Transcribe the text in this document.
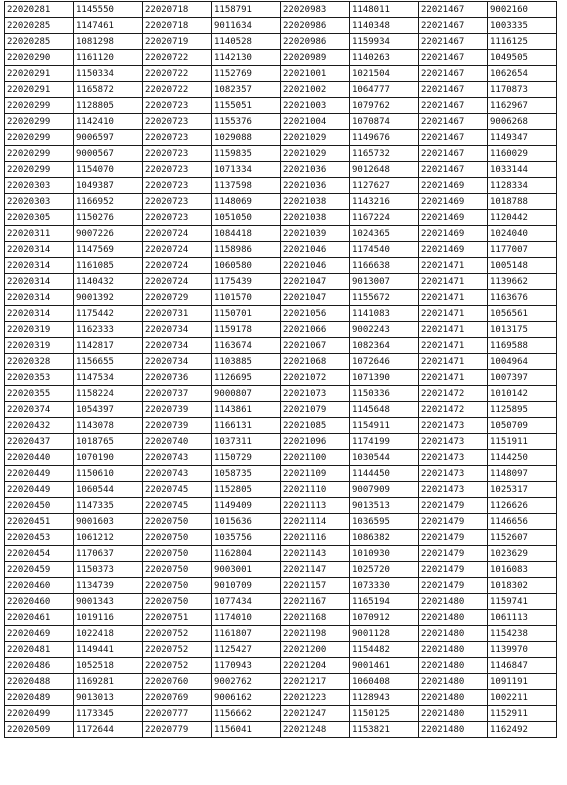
22020281	1145550	22020718	1158791	22020983	1148011	22021467	9002160
22020285	1147461	22020718	9011634	22020986	1140348	22021467	1003335
22020285	1081298	22020719	1140528	22020986	1159934	22021467	1116125
22020290	1161120	22020722	1142130	22020989	1140263	22021467	1049505
22020291	1150334	22020722	1152769	22021001	1021504	22021467	1062654
22020291	1165872	22020722	1082357	22021002	1064777	22021467	1170873
22020299	1128805	22020723	1155051	22021003	1079762	22021467	1162967
22020299	1142410	22020723	1155376	22021004	1070874	22021467	9006268
22020299	9006597	22020723	1029088	22021029	1149676	22021467	1149347
22020299	9000567	22020723	1159835	22021029	1165732	22021467	1160029
22020299	1154070	22020723	1071334	22021036	9012648	22021467	1033144
22020303	1049387	22020723	1137598	22021036	1127627	22021469	1128334
22020303	1166952	22020723	1148069	22021038	1143216	22021469	1018788
22020305	1150276	22020723	1051050	22021038	1167224	22021469	1120442
22020311	9007226	22020724	1084418	22021039	1024365	22021469	1024040
22020314	1147569	22020724	1158986	22021046	1174540	22021469	1177007
22020314	1161085	22020724	1060580	22021046	1166638	22021471	1005148
22020314	1140432	22020724	1175439	22021047	9013007	22021471	1139662
22020314	9001392	22020729	1101570	22021047	1155672	22021471	1163676
22020314	1175442	22020731	1150701	22021056	1141083	22021471	1056561
22020319	1162333	22020734	1159178	22021066	9002243	22021471	1013175
22020319	1142817	22020734	1163674	22021067	1082364	22021471	1169588
22020328	1156655	22020734	1103885	22021068	1072646	22021471	1004964
22020353	1147534	22020736	1126695	22021072	1071390	22021471	1007397
22020355	1158224	22020737	9000807	22021073	1150336	22021472	1010142
22020374	1054397	22020739	1143861	22021079	1145648	22021472	1125895
22020432	1143078	22020739	1166131	22021085	1154911	22021473	1050709
22020437	1018765	22020740	1037311	22021096	1174199	22021473	1151911
22020440	1070190	22020743	1150729	22021100	1030544	22021473	1144250
22020449	1150610	22020743	1058735	22021109	1144450	22021473	1148097
22020449	1060544	22020745	1152805	22021110	9007909	22021473	1025317
22020450	1147335	22020745	1149409	22021113	9013513	22021479	1126626
22020451	9001603	22020750	1015636	22021114	1036595	22021479	1146656
22020453	1061212	22020750	1035756	22021116	1086382	22021479	1152607
22020454	1170637	22020750	1162804	22021143	1010930	22021479	1023629
22020459	1150373	22020750	9003001	22021147	1025720	22021479	1016083
22020460	1134739	22020750	9010709	22021157	1073330	22021479	1018302
22020460	9001343	22020750	1077434	22021167	1165194	22021480	1159741
22020461	1019116	22020751	1174010	22021168	1070912	22021480	1061113
22020469	1022418	22020752	1161807	22021198	9001128	22021480	1154238
22020481	1149441	22020752	1125427	22021200	1154482	22021480	1139970
22020486	1052518	22020752	1170943	22021204	9001461	22021480	1146847
22020488	1169281	22020760	9002762	22021217	1060408	22021480	1091191
22020489	9013013	22020769	9006162	22021223	1128943	22021480	1002211
22020499	1173345	22020777	1156662	22021247	1150125	22021480	1152911
22020509	1172644	22020779	1156041	22021248	1153821	22021480	1162492
